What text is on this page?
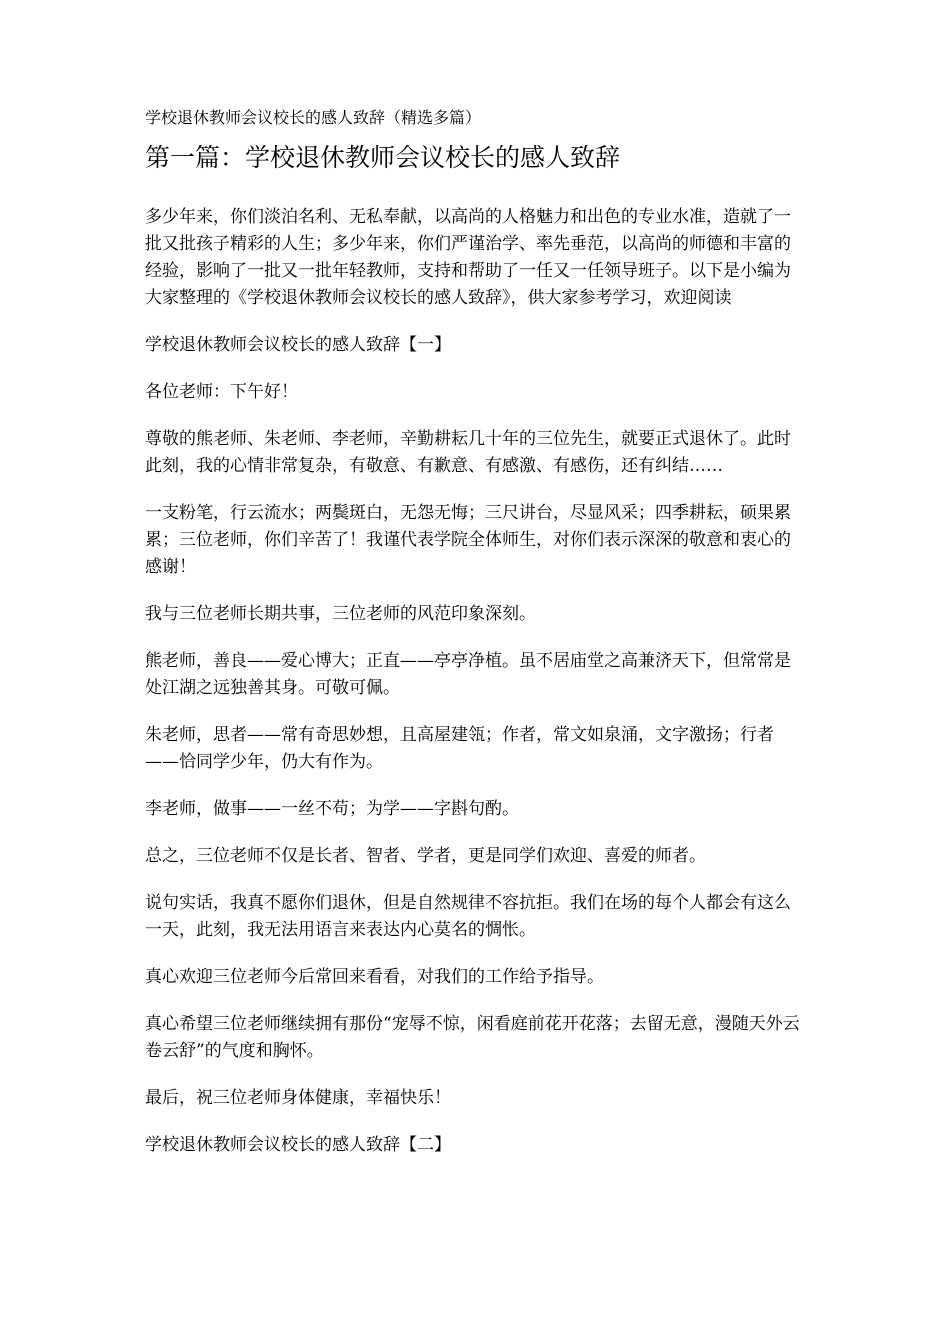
学校退休教师会议校长的感人致辞（精选多篇）
第一篇：学校退休教师会议校长的感人致辞
多少年来，你们淡泊名利、无私奉献，以高尚的人格魅力和出色的专业水准，造就了一批又批孩子精彩的人生；多少年来，你们严谨治学、率先垂范，以高尚的师德和丰富的经验，影响了一批又一批年轻教师，支持和帮助了一任又一任领导班子。以下是小编为大家整理的《学校退休教师会议校长的感人致辞》，供大家参考学习，欢迎阅读
学校退休教师会议校长的感人致辞【一】
各位老师：下午好！
尊敬的熊老师、朱老师、李老师，辛勤耕耘几十年的三位先生，就要正式退休了。此时此刻，我的心情非常复杂，有敬意、有歉意、有感激、有感伤，还有纠结……
一支粉笔，行云流水；两鬓斑白，无怨无悔；三尺讲台，尽显风采；四季耕耘，硕果累累；三位老师，你们辛苦了！我谨代表学院全体师生，对你们表示深深的敬意和衷心的感谢！
我与三位老师长期共事，三位老师的风范印象深刻。
熊老师，善良——爱心博大；正直——亭亭净植。虽不居庙堂之高兼济天下，但常常是处江湖之远独善其身。可敬可佩。
朱老师，思者——常有奇思妙想，且高屋建瓴；作者，常文如泉涌，文字激扬；行者——恰同学少年，仍大有作为。
李老师，做事——一丝不苟；为学——字斟句酌。
总之，三位老师不仅是长者、智者、学者，更是同学们欢迎、喜爱的师者。
说句实话，我真不愿你们退休，但是自然规律不容抗拒。我们在场的每个人都会有这么一天，此刻，我无法用语言来表达内心莫名的惆怅。
真心欢迎三位老师今后常回来看看，对我们的工作给予指导。
真心希望三位老师继续拥有那份“宠辱不惊，闲看庭前花开花落；去留无意，漫随天外云卷云舒”的气度和胸怀。
最后，祝三位老师身体健康，幸福快乐！
学校退休教师会议校长的感人致辞【二】
